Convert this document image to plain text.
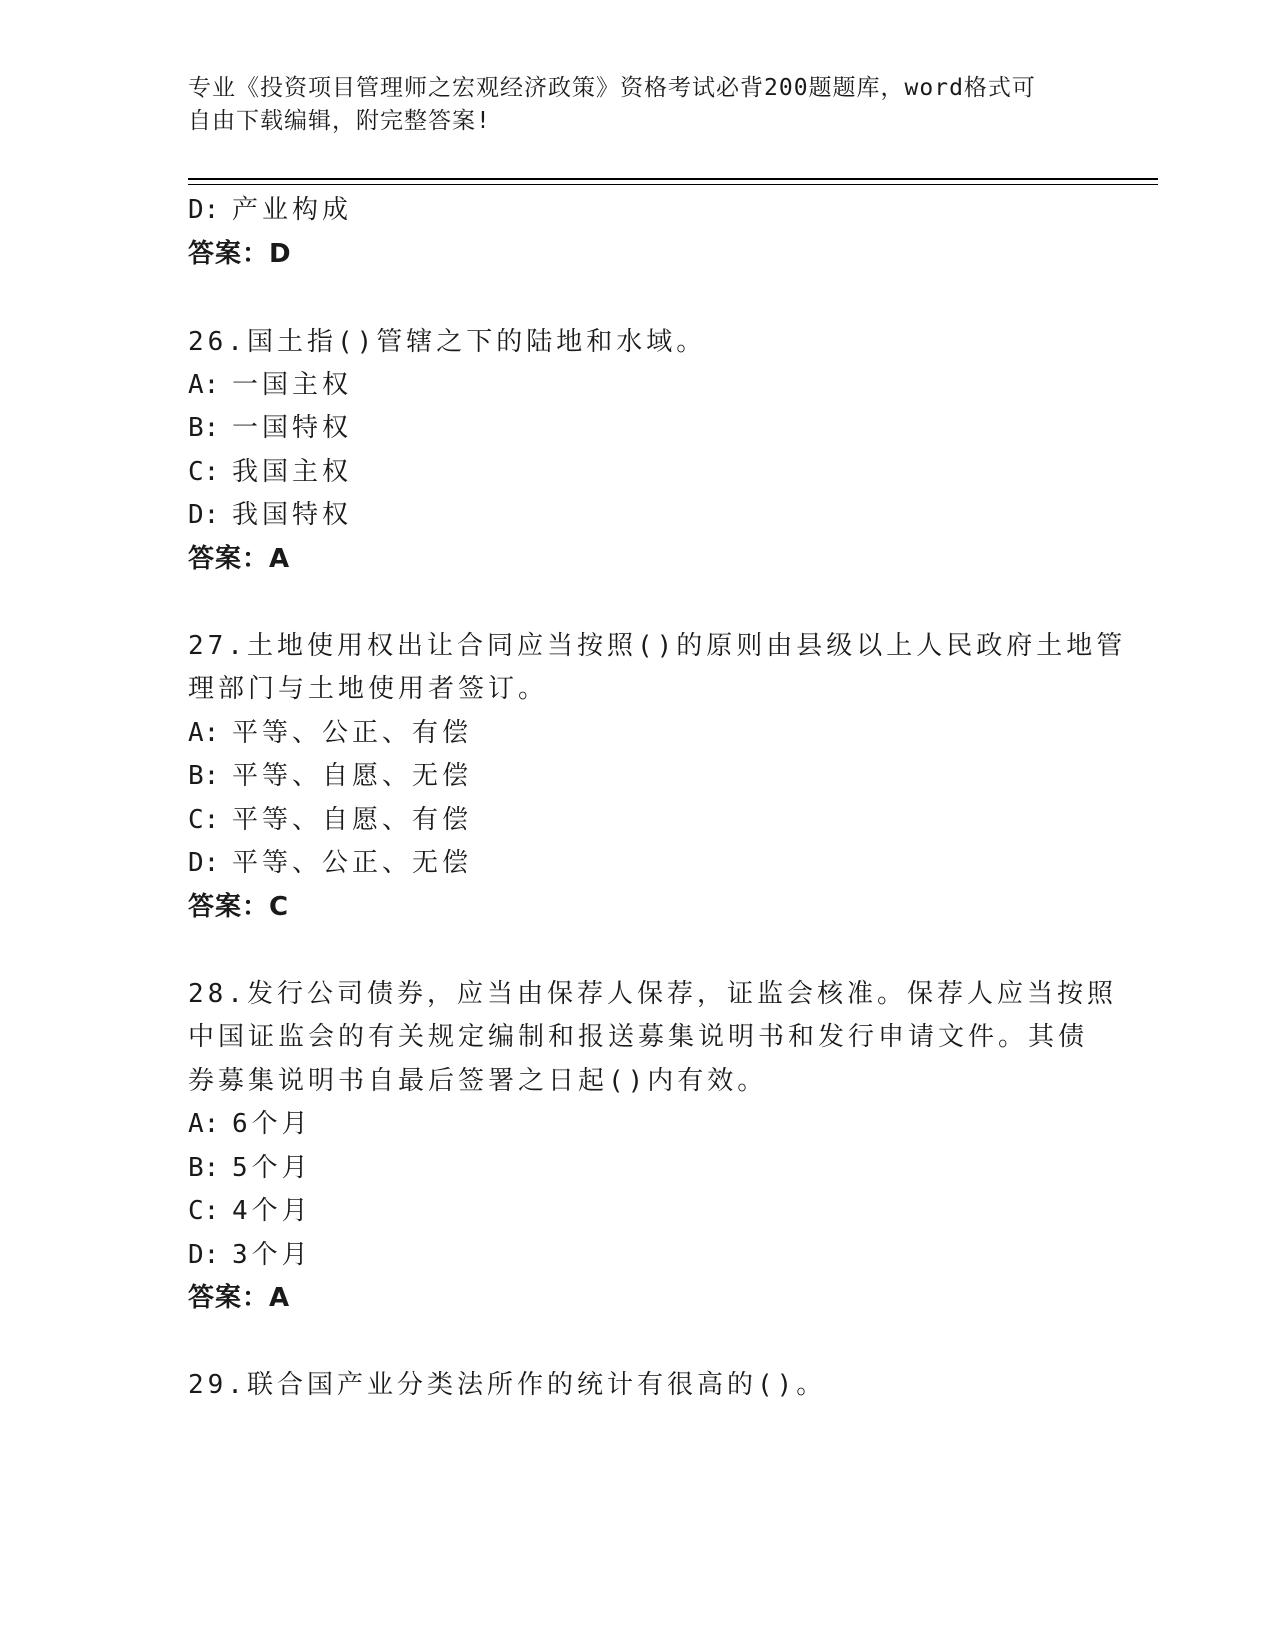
专业《投资项目管理师之宏观经济政策》资格考试必背200题题库，word格式可
自由下载编辑，附完整答案!
D: 产业构成
答案：D
26.国土指()管辖之下的陆地和水域。
A: 一国主权
B: 一国特权
C: 我国主权
D: 我国特权
答案：A
27.土地使用权出让合同应当按照()的原则由县级以上人民政府土地管
理部门与土地使用者签订。
A: 平等、公正、有偿
B: 平等、自愿、无偿
C: 平等、自愿、有偿
D: 平等、公正、无偿
答案：C
28.发行公司债券，应当由保荐人保荐，证监会核准。保荐人应当按照
中国证监会的有关规定编制和报送募集说明书和发行申请文件。其债
券募集说明书自最后签署之日起()内有效。
A: 6个月
B: 5个月
C: 4个月
D: 3个月
答案：A
29.联合国产业分类法所作的统计有很高的()。
